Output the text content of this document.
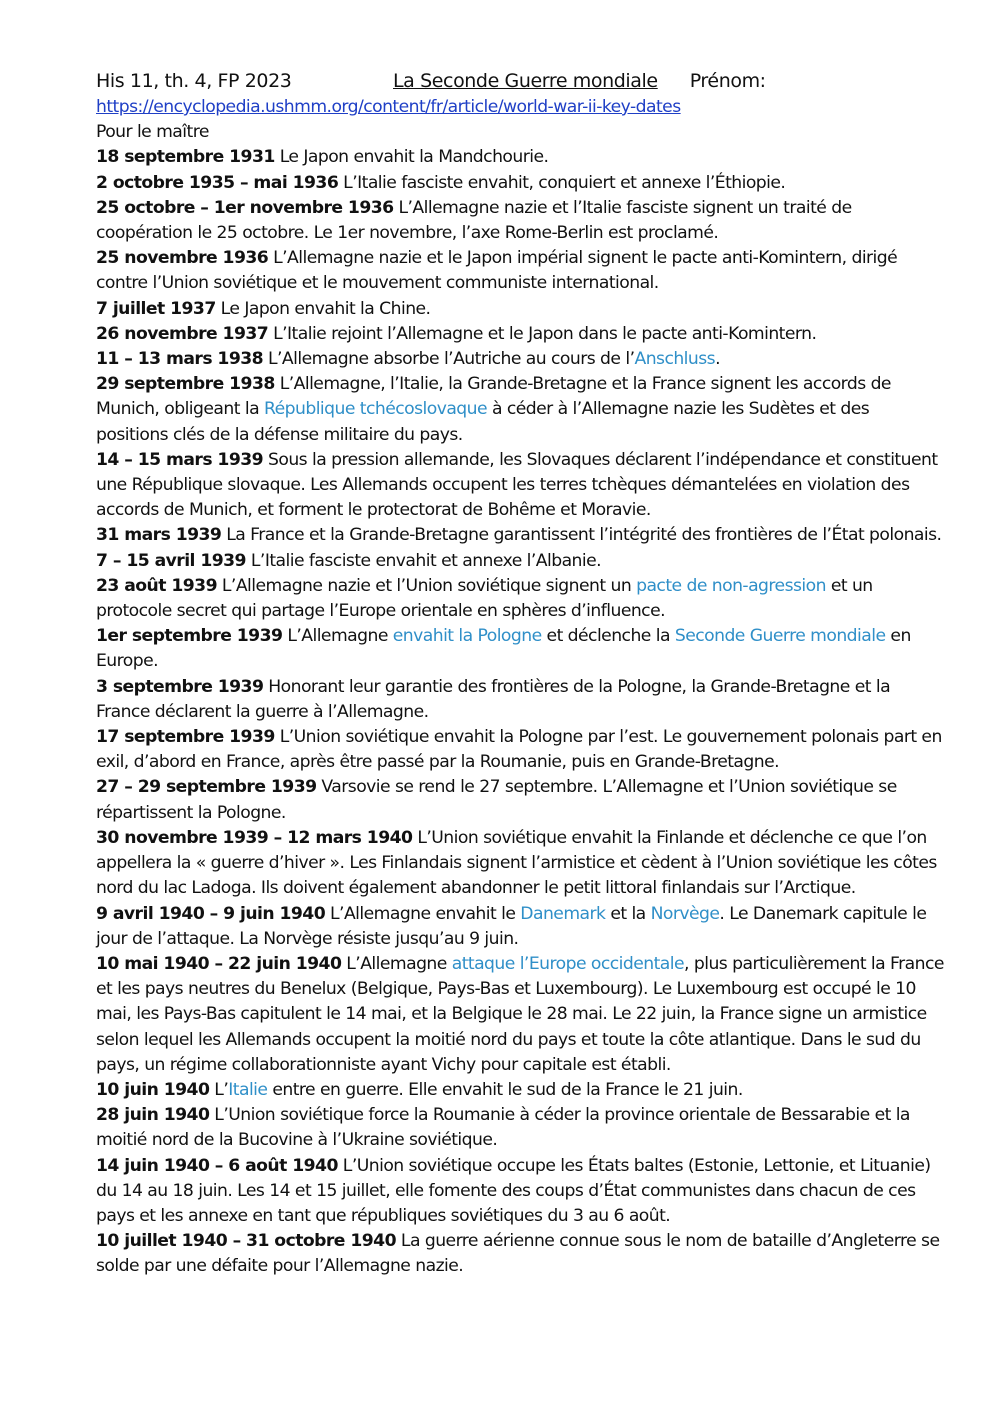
His 11, th. 4, FP 2023	La Seconde Guerre mondiale Prénom:
https://encyclopedia.ushmm.org/content/fr/article/world-war-ii-key-dates
Pour le maître

18 septembre 1931 Le Japon envahit la Mandchourie.

2 octobre 1935 – mai 1936 L’Italie fasciste envahit, conquiert et annexe l’Éthiopie.

25 octobre – 1er novembre 1936 L’Allemagne nazie et l’Italie fasciste signent un traité de coopération le 25 octobre. Le 1er novembre, l’axe Rome-Berlin est proclamé.

25 novembre 1936 L’Allemagne nazie et le Japon impérial signent le pacte anti-Komintern, dirigé contre l’Union soviétique et le mouvement communiste international.

7 juillet 1937 Le Japon envahit la Chine.

26 novembre 1937 L’Italie rejoint l’Allemagne et le Japon dans le pacte anti-Komintern.

11 – 13 mars 1938 L’Allemagne absorbe l’Autriche au cours de l’Anschluss.

29 septembre 1938 L’Allemagne, l’Italie, la Grande-Bretagne et la France signent les accords de Munich, obligeant la République tchécoslovaque à céder à l’Allemagne nazie les Sudètes et des positions clés de la défense militaire du pays.

14 – 15 mars 1939 Sous la pression allemande, les Slovaques déclarent l’indépendance et constituent une République slovaque. Les Allemands occupent les terres tchèques démantelées en violation des accords de Munich, et forment le protectorat de Bohême et Moravie.

31 mars 1939 La France et la Grande-Bretagne garantissent l’intégrité des frontières de l’État polonais.

7 – 15 avril 1939 L’Italie fasciste envahit et annexe l’Albanie.

23 août 1939 L’Allemagne nazie et l’Union soviétique signent un pacte de non-agression et un protocole secret qui partage l’Europe orientale en sphères d’influence.

1er septembre 1939 L’Allemagne envahit la Pologne et déclenche la Seconde Guerre mondiale en Europe.

3 septembre 1939 Honorant leur garantie des frontières de la Pologne, la Grande-Bretagne et la France déclarent la guerre à l’Allemagne.

17 septembre 1939 L’Union soviétique envahit la Pologne par l’est. Le gouvernement polonais part en exil, d’abord en France, après être passé par la Roumanie, puis en Grande-Bretagne.

27 – 29 septembre 1939 Varsovie se rend le 27 septembre. L’Allemagne et l’Union soviétique se répartissent la Pologne.

30 novembre 1939 – 12 mars 1940 L’Union soviétique envahit la Finlande et déclenche ce que l’on appellera la « guerre d’hiver ». Les Finlandais signent l’armistice et cèdent à l’Union soviétique les côtes nord du lac Ladoga. Ils doivent également abandonner le petit littoral finlandais sur l’Arctique.

9 avril 1940 – 9 juin 1940 L’Allemagne envahit le Danemark et la Norvège. Le Danemark capitule le jour de l’attaque. La Norvège résiste jusqu’au 9 juin.

10 mai 1940 – 22 juin 1940 L’Allemagne attaque l’Europe occidentale, plus particulièrement la France et les pays neutres du Benelux (Belgique, Pays-Bas et Luxembourg). Le Luxembourg est occupé le 10 mai, les Pays-Bas capitulent le 14 mai, et la Belgique le 28 mai. Le 22 juin, la France signe un armistice selon lequel les Allemands occupent la moitié nord du pays et toute la côte atlantique. Dans le sud du pays, un régime collaborationniste ayant Vichy pour capitale est établi.

10 juin 1940 L’Italie entre en guerre. Elle envahit le sud de la France le 21 juin.

28 juin 1940 L’Union soviétique force la Roumanie à céder la province orientale de Bessarabie et la moitié nord de la Bucovine à l’Ukraine soviétique.

14 juin 1940 – 6 août 1940 L’Union soviétique occupe les États baltes (Estonie, Lettonie, et Lituanie) du 14 au 18 juin. Les 14 et 15 juillet, elle fomente des coups d’État communistes dans chacun de ces pays et les annexe en tant que républiques soviétiques du 3 au 6 août.

10 juillet 1940 – 31 octobre 1940 La guerre aérienne connue sous le nom de bataille d’Angleterre se solde par une défaite pour l’Allemagne nazie.
